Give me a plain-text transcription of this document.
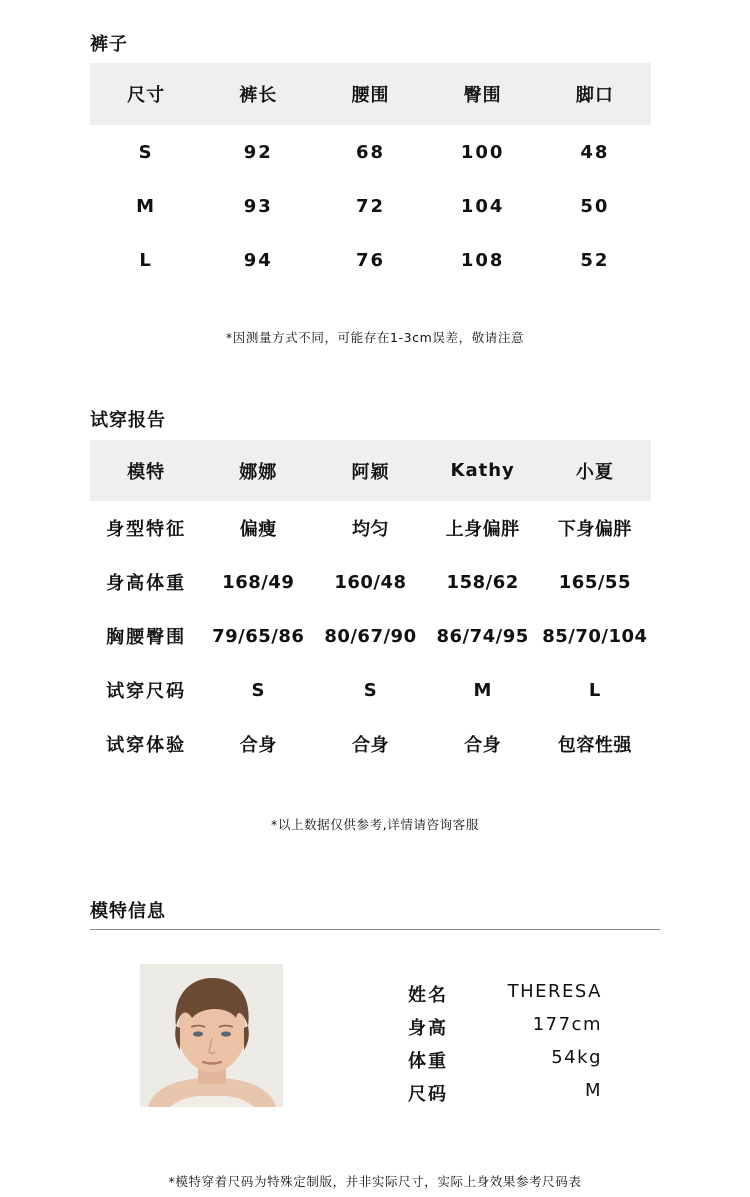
裤子
尺寸	裤长	腰围	臀围	脚口
S	92	68	100	48
M	93	72	104	50
L	94	76	108	52
*因测量方式不同，可能存在1-3cm误差，敬请注意
试穿报告
模特	娜娜	阿颖	Kathy	小夏
身型特征	偏瘦	均匀	上身偏胖	下身偏胖
身高体重	168/49	160/48	158/62	165/55
胸腰臀围	79/65/86	80/67/90	86/74/95	85/70/104
试穿尺码	S	S	M	L
试穿体验	合身	合身	合身	包容性强
*以上数据仅供参考,详情请咨询客服
模特信息
姓名	THERESA
身高	177cm
体重	54kg
尺码	M
*模特穿着尺码为特殊定制版，并非实际尺寸，实际上身效果参考尺码表
